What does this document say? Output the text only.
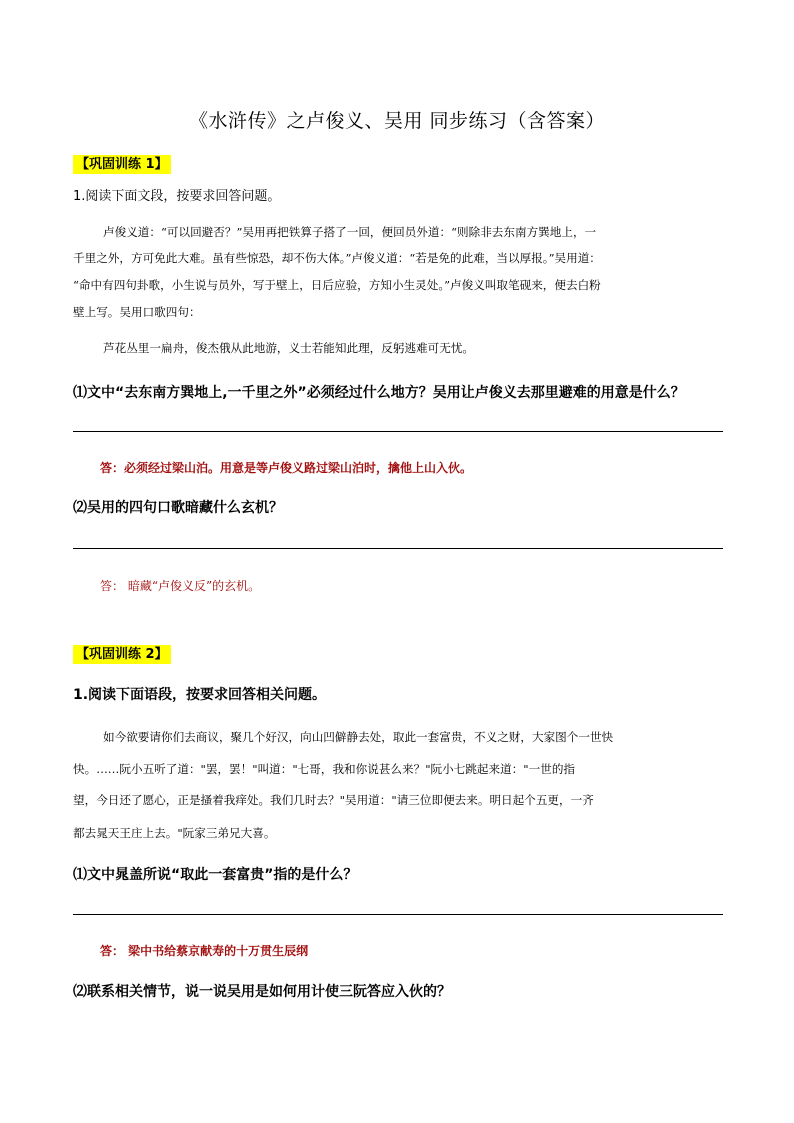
《水浒传》之卢俊义、吴用 同步练习（含答案）
【巩固训练 1】
1.阅读下面文段，按要求回答问题。
卢俊义道：“可以回避否？”吴用再把铁算子搭了一回，便回员外道：“则除非去东南方巽地上，一
千里之外，方可免此大难。虽有些惊恐，却不伤大体。”卢俊义道：“若是免的此难，当以厚报。”吴用道：
“命中有四句卦歌，小生说与员外，写于壁上，日后应验，方知小生灵处。”卢俊义叫取笔砚来，便去白粉
壁上写。吴用口歌四句：
芦花丛里一扁舟，俊杰俄从此地游，义士若能知此理，反躬逃难可无忧。
⑴文中“去东南方巽地上,一千里之外”必须经过什么地方？吴用让卢俊义去那里避难的用意是什么？
答：必须经过梁山泊。用意是等卢俊义路过梁山泊时，擒他上山入伙。
⑵吴用的四句口歌暗藏什么玄机？
答： 暗藏“卢俊义反”的玄机。
【巩固训练 2】
1.阅读下面语段，按要求回答相关问题。
如今欲要请你们去商议，聚几个好汉，向山凹僻静去处，取此一套富贵，不义之财，大家图个一世快
快。……阮小五听了道："罢，罢！"叫道："七哥，我和你说甚么来？"阮小七跳起来道："一世的指
望，今日还了愿心，正是搔着我痒处。我们几时去？"吴用道："请三位即便去来。明日起个五更，一齐
都去晁天王庄上去。"阮家三弟兄大喜。
⑴文中晁盖所说“取此一套富贵”指的是什么？
答： 梁中书给蔡京献寿的十万贯生辰纲
⑵联系相关情节，说一说吴用是如何用计使三阮答应入伙的？
